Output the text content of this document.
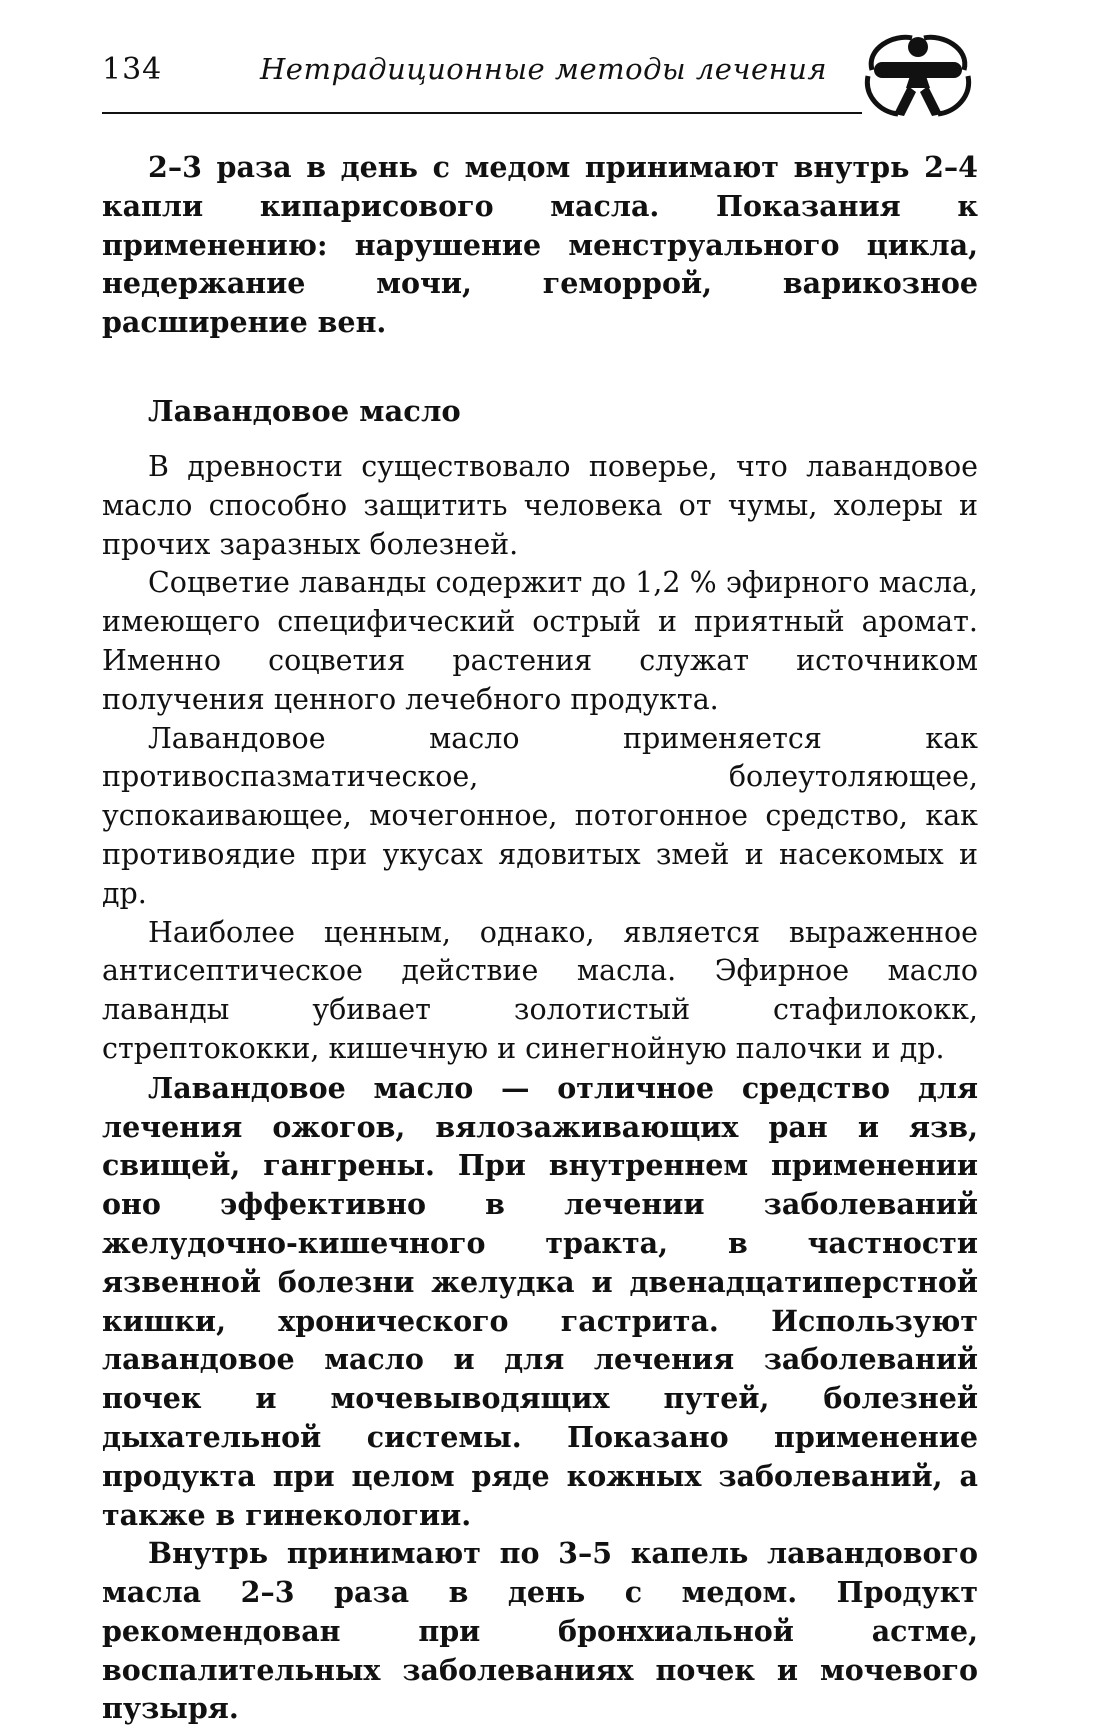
134	Нетрадиционные методы лечения

2–3 раза в день с медом принимают внутрь 2–4 капли кипарисового масла. Показания к применению: нарушение менструального цикла, недержание мочи, геморрой, варикозное расширение вен.

Лавандовое масло

В древности существовало поверье, что лавандовое масло способно защитить человека от чумы, холеры и прочих заразных болезней.

Соцветие лаванды содержит до 1,2 % эфирного масла, имеющего специфический острый и приятный аромат. Именно соцветия растения служат источником получения ценного лечебного продукта.

Лавандовое масло применяется как противоспазматическое, болеутоляющее, успокаивающее, мочегонное, потогонное средство, как противоядие при укусах ядовитых змей и насекомых и др.

Наиболее ценным, однако, является выраженное антисептическое действие масла. Эфирное масло лаванды убивает золотистый стафилококк, стрептококки, кишечную и синегнойную палочки и др.

Лавандовое масло — отличное средство для лечения ожогов, вялозаживающих ран и язв, свищей, гангрены. При внутреннем применении оно эффективно в лечении заболеваний желудочно-кишечного тракта, в частности язвенной болезни желудка и двенадцатиперстной кишки, хронического гастрита. Используют лавандовое масло и для лечения заболеваний почек и мочевыводящих путей, болезней дыхательной системы. Показано применение продукта при целом ряде кожных заболеваний, а также в гинекологии.

Внутрь принимают по 3–5 капель лавандового масла 2–3 раза в день с медом. Продукт рекомендован при бронхиальной астме, воспалительных заболеваниях почек и мочевого пузыря.
